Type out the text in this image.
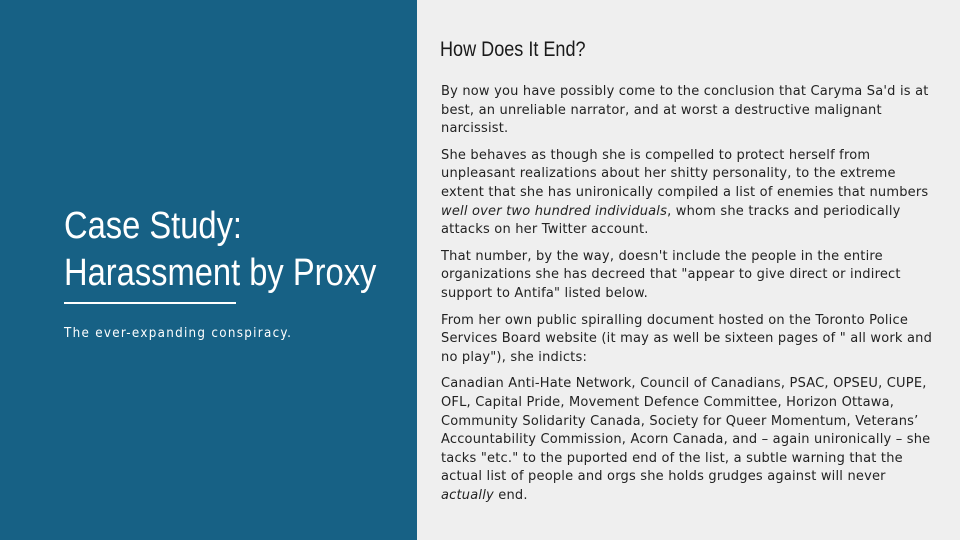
Case Study:
Harassment by Proxy
The ever-expanding conspiracy.
How Does It End?

By now you have possibly come to the conclusion that Caryma Sa'd is at best, an unreliable narrator, and at worst a destructive malignant narcissist.

She behaves as though she is compelled to protect herself from unpleasant realizations about her shitty personality, to the extreme extent that she has unironically compiled a list of enemies that numbers well over two hundred individuals, whom she tracks and periodically attacks on her Twitter account.

That number, by the way, doesn't include the people in the entire organizations she has decreed that "appear to give direct or indirect support to Antifa" listed below.

From her own public spiralling document hosted on the Toronto Police Services Board website (it may as well be sixteen pages of " all work and no play"), she indicts:

Canadian Anti-Hate Network, Council of Canadians, PSAC, OPSEU, CUPE, OFL, Capital Pride, Movement Defence Committee, Horizon Ottawa, Community Solidarity Canada, Society for Queer Momentum, Veterans’ Accountability Commission, Acorn Canada, and – again unironically – she tacks "etc." to the puported end of the list, a subtle warning that the actual list of people and orgs she holds grudges against will never actually end.
